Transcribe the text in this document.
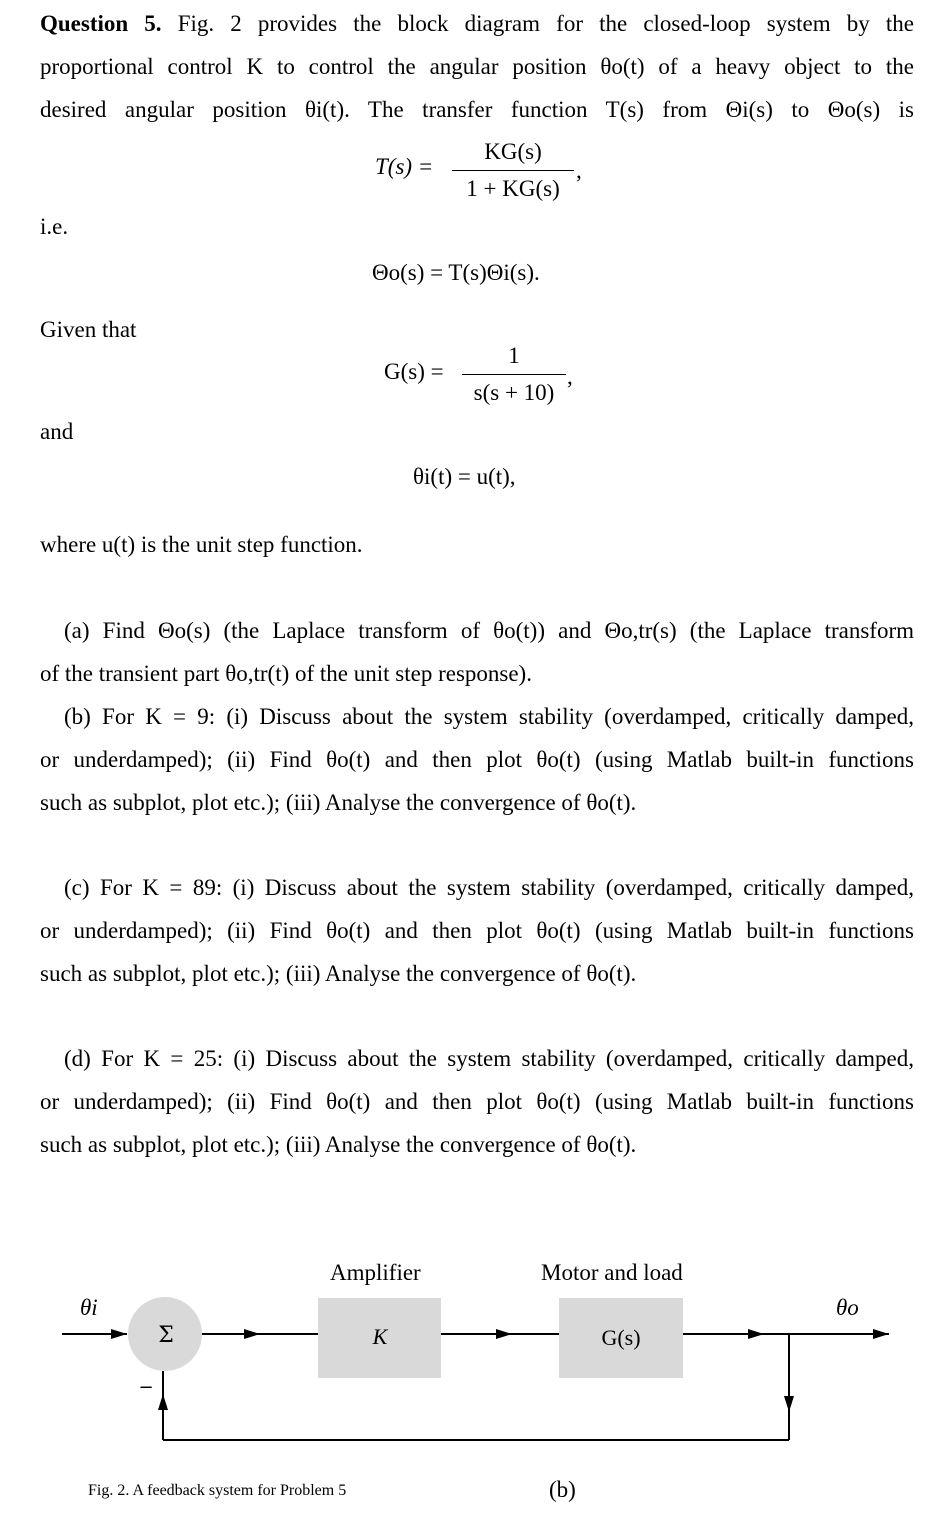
Question 5. Fig. 2 provides the block diagram for the closed-loop system by the
proportional control K to control the angular position θo(t) of a heavy object to the
desired angular position θi(t). The transfer function T(s) from Θi(s) to Θo(s) is
T(s) =
KG(s)
1 + KG(s)
,
i.e.
Θo(s) = T(s)Θi(s).
Given that
G(s) =
1
s(s + 10)
,
and
θi(t) = u(t),
where u(t) is the unit step function.
(a) Find Θo(s) (the Laplace transform of θo(t)) and Θo,tr(s) (the Laplace transform
of the transient part θo,tr(t) of the unit step response).
(b) For K = 9: (i) Discuss about the system stability (overdamped, critically damped,
or underdamped); (ii) Find θo(t) and then plot θo(t) (using Matlab built-in functions
such as subplot, plot etc.); (iii) Analyse the convergence of θo(t).
(c) For K = 89: (i) Discuss about the system stability (overdamped, critically damped,
or underdamped); (ii) Find θo(t) and then plot θo(t) (using Matlab built-in functions
such as subplot, plot etc.); (iii) Analyse the convergence of θo(t).
(d) For K = 25: (i) Discuss about the system stability (overdamped, critically damped,
or underdamped); (ii) Find θo(t) and then plot θo(t) (using Matlab built-in functions
such as subplot, plot etc.); (iii) Analyse the convergence of θo(t).
Amplifier	Motor and load
Σ
−
K	G(s)
θi	θo
Fig. 2. A feedback system for Problem 5	(b)
